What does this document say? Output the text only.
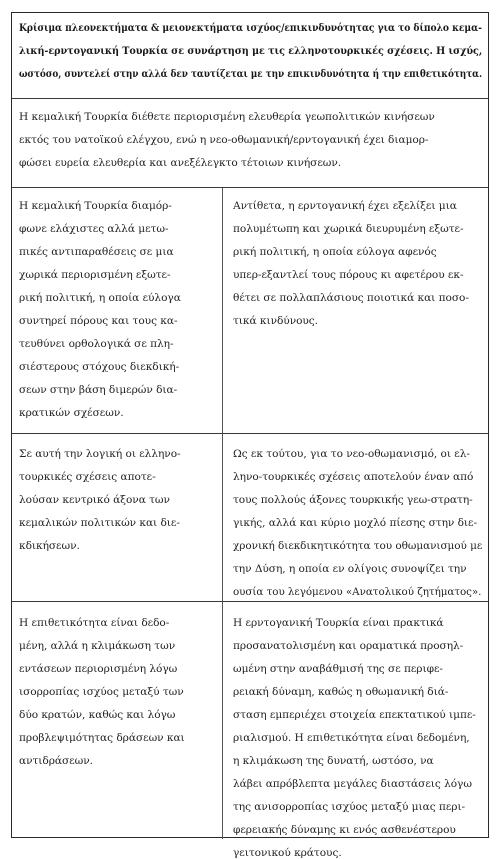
Κρίσιμα πλεονεκτήματα & μειονεκτήματα ισχύος/επικινδυνότητας για το δίπολο κεμα-
λική-ερντογανική Τουρκία σε συνάρτηση με τις ελληνοτουρκικές σχέσεις. Η ισχύς,
ωστόσο, συντελεί στην αλλά δεν ταυτίζεται με την επικινδυνότητα ή την επιθετικότητα.
Η κεμαλική Τουρκία διέθετε περιορισμένη ελευθερία γεωπολιτικών κινήσεων
εκτός του νατοϊκού ελέγχου, ενώ η νεο-οθωμανική/ερντογανική έχει διαμορ-
φώσει ευρεία ελευθερία και ανεξέλεγκτο τέτοιων κινήσεων.
Η κεμαλική Τουρκία διαμόρ-
φωνε ελάχιστες αλλά μετω-
πικές αντιπαραθέσεις σε μια
χωρικά περιορισμένη εξωτε-
ρική πολιτική, η οποία εύλογα
συντηρεί πόρους και τους κα-
τευθύνει ορθολογικά σε πλη-
σιέστερους στόχους διεκδική-
σεων στην βάση διμερών δια-
κρατικών σχέσεων.
Αντίθετα, η ερντογανική έχει εξελίξει μια
πολυμέτωπη και χωρικά διευρυμένη εξωτε-
ρική πολιτική, η οποία εύλογα αφενός
υπερ-εξαντλεί τους πόρους κι αφετέρου εκ-
θέτει σε πολλαπλάσιους ποιοτικά και ποσο-
τικά κινδύνους.
Σε αυτή την λογική οι ελληνο-
τουρκικές σχέσεις αποτε-
λούσαν κεντρικό άξονα των
κεμαλικών πολιτικών και διε-
κδικήσεων.
Ως εκ τούτου, για το νεο-οθωμανισμό, οι ελ-
ληνο-τουρκικές σχέσεις αποτελούν έναν από
τους πολλούς άξονες τουρκικής γεω-στρατη-
γικής, αλλά και κύριο μοχλό πίεσης στην διε-
χρονική διεκδικητικότητα του οθωμανισμού με
την Δύση, η οποία εν ολίγοις συνοψίζει την
ουσία του λεγόμενου «Ανατολικού ζητήματος».
Η επιθετικότητα είναι δεδο-
μένη, αλλά η κλιμάκωση των
εντάσεων περιορισμένη λόγω
ισορροπίας ισχύος μεταξύ των
δύο κρατών, καθώς και λόγω
προβλεψιμότητας δράσεων και
αντιδράσεων.
Η ερντογανική Τουρκία είναι πρακτικά
προσανατολισμένη και οραματικά προσηλ-
ωμένη στην αναβάθμισή της σε περιφε-
ρειακή δύναμη, καθώς η οθωμανική διά-
σταση εμπεριέχει στοιχεία επεκτατικού ιμπε-
ριαλισμού. Η επιθετικότητα είναι δεδομένη,
η κλιμάκωση της δυνατή, ωστόσο, να
λάβει απρόβλεπτα μεγάλες διαστάσεις λόγω
της ανισορροπίας ισχύος μεταξύ μιας περι-
φερειακής δύναμης κι ενός ασθενέστερου
γειτονικού κράτους.
